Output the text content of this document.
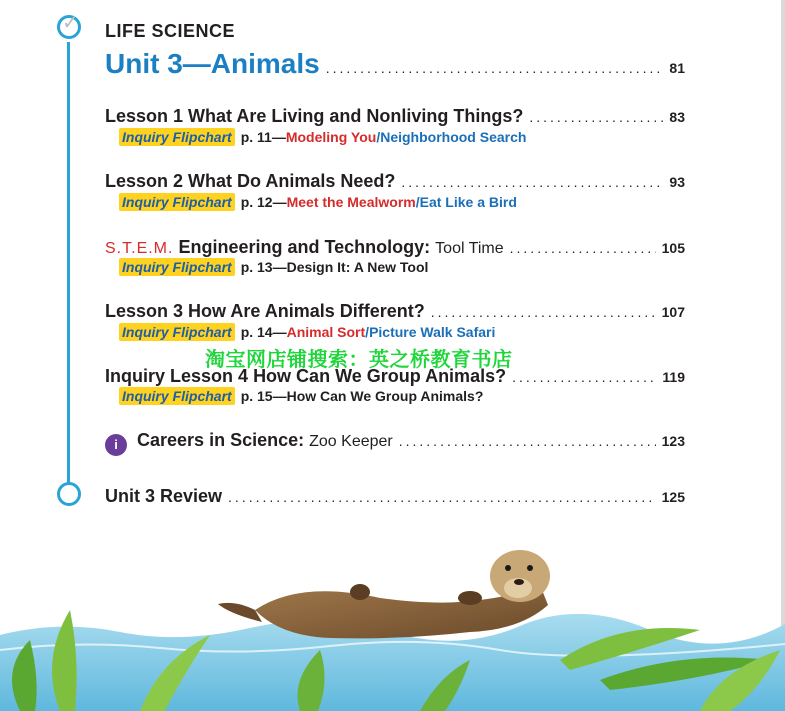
✓ LIFE SCIENCE
Unit 3—Animals .....	81
Lesson 1 What Are Living and Nonliving Things? .....	83
Inquiry Flipchart p. 11— Modeling You / Neighborhood Search
Lesson 2 What Do Animals Need? .....	93
Inquiry Flipchart p. 12— Meet the Mealworm / Eat Like a Bird
S.T.E.M. Engineering and Technology: Tool Time .....	105
Inquiry Flipchart p. 13—Design It: A New Tool
Lesson 3 How Are Animals Different? .....	107
Inquiry Flipchart p. 14— Animal Sort / Picture Walk Safari
淘宝网店铺搜索：英之桥教育书店
Inquiry Lesson 4 How Can We Group Animals? .....	119
Inquiry Flipchart p. 15—How Can We Group Animals?
i Careers in Science: Zoo Keeper .....	123
Unit 3 Review .....	125
